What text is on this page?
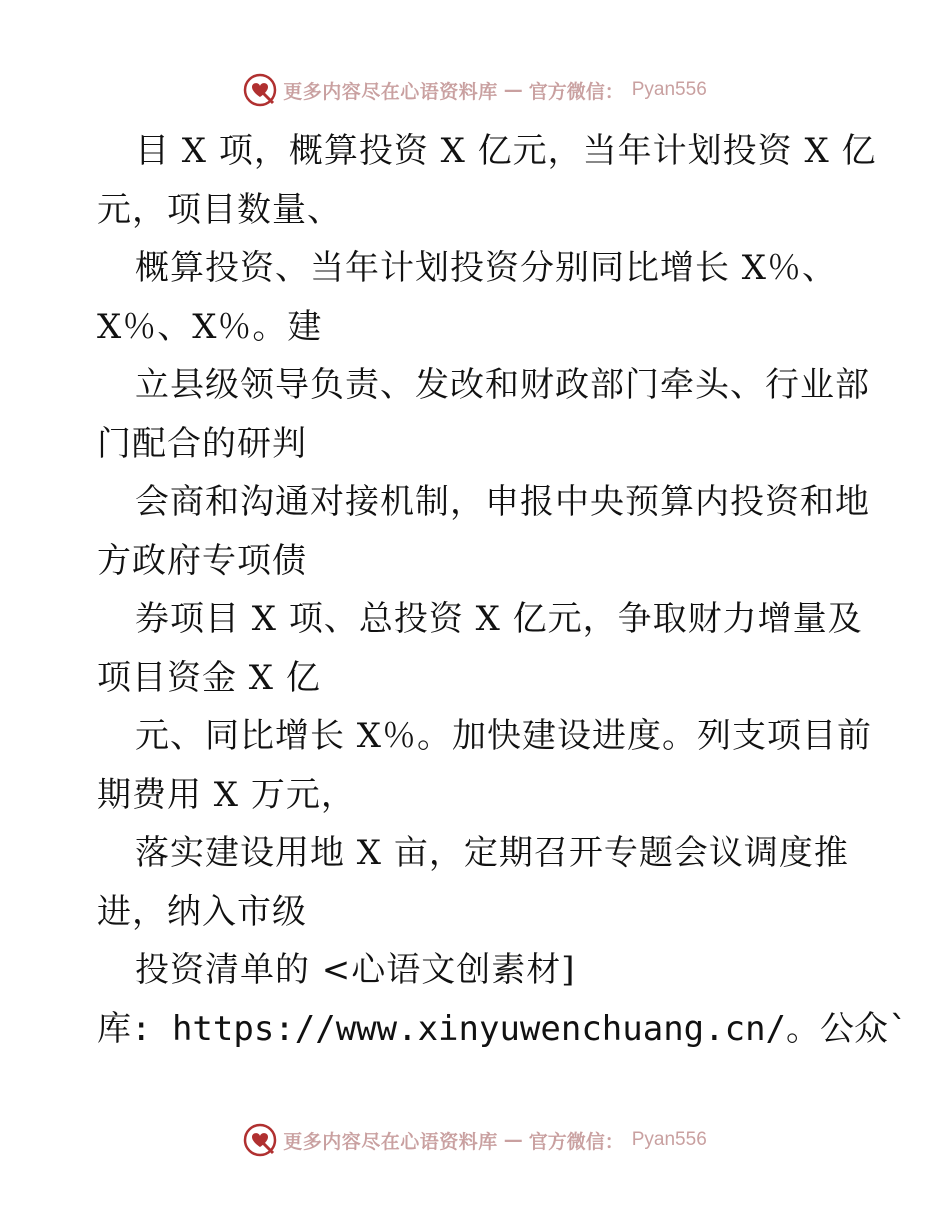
更多内容尽在心语资料库 — 官方微信： Pyan556
目 X 项，概算投资 X 亿元，当年计划投资 X 亿
元，项目数量、
概算投资、当年计划投资分别同比增长 X％、
X％、X％。建
立县级领导负责、发改和财政部门牵头、行业部
门配合的研判
会商和沟通对接机制，申报中央预算内投资和地
方政府专项债
券项目 X 项、总投资 X 亿元，争取财力增量及
项目资金 X 亿
元、同比增长 X％。加快建设进度。列支项目前
期费用 X 万元，
落实建设用地 X 亩，定期召开专题会议调度推
进，纳入市级
投资清单的 <心语文创素材]
库: https://www.xinyuwenchuang.cn/。公众`
更多内容尽在心语资料库 — 官方微信： Pyan556
